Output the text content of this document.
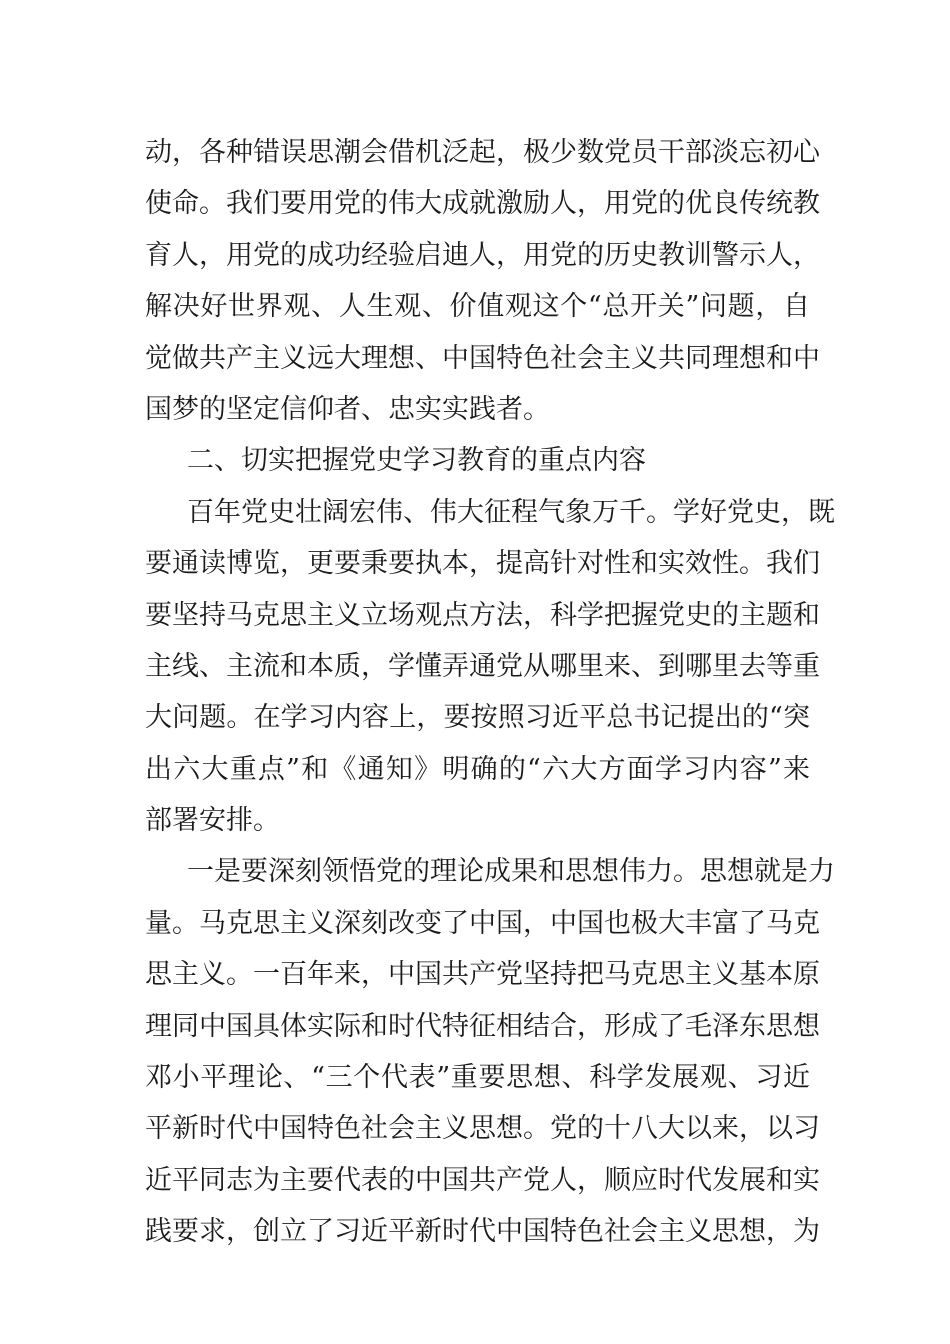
动，各种错误思潮会借机泛起，极少数党员干部淡忘初心
使命。我们要用党的伟大成就激励人，用党的优良传统教
育人，用党的成功经验启迪人，用党的历史教训警示人，
解决好世界观、人生观、价值观这个“总开关”问题，自
觉做共产主义远大理想、中国特色社会主义共同理想和中
国梦的坚定信仰者、忠实实践者。
二、切实把握党史学习教育的重点内容
百年党史壮阔宏伟、伟大征程气象万千。学好党史，既
要通读博览，更要秉要执本，提高针对性和实效性。我们
要坚持马克思主义立场观点方法，科学把握党史的主题和
主线、主流和本质，学懂弄通党从哪里来、到哪里去等重
大问题。在学习内容上，要按照习近平总书记提出的“突
出六大重点”和《通知》明确的“六大方面学习内容”来
部署安排。
一是要深刻领悟党的理论成果和思想伟力。思想就是力
量。马克思主义深刻改变了中国，中国也极大丰富了马克
思主义。一百年来，中国共产党坚持把马克思主义基本原
理同中国具体实际和时代特征相结合，形成了毛泽东思想
邓小平理论、“三个代表”重要思想、科学发展观、习近
平新时代中国特色社会主义思想。党的十八大以来，以习
近平同志为主要代表的中国共产党人，顺应时代发展和实
践要求，创立了习近平新时代中国特色社会主义思想，为
